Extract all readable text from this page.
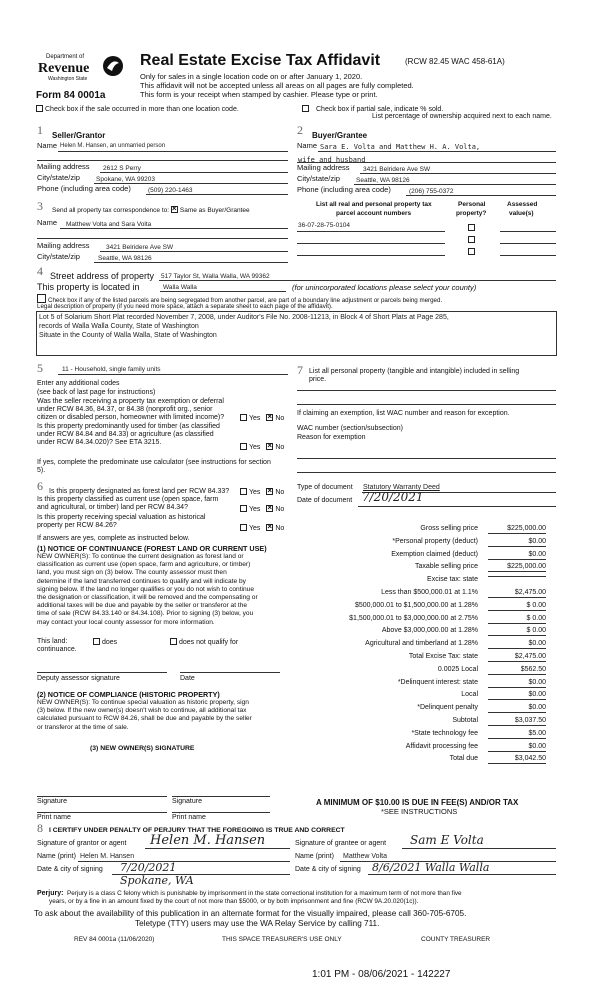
Department of
Revenue
Washington State
Form 84 0001a
Real Estate Excise Tax Affidavit	(RCW 82.45 WAC 458-61A)
Only for sales in a single location code on or after January 1, 2020.
This affidavit will not be accepted unless all areas on all pages are fully completed.
This form is your receipt when stamped by cashier. Please type or print.
Check box if the sale occurred in more than one location code.	Check box if partial sale, indicate % sold.
List percentage of ownership acquired next to each name.
1 Seller/Grantor
Name Helen M. Hansen, an unmarried person
Mailing address 2612 S Perry
City/state/zip Spokane, WA 99203
Phone (including area code)	(509) 220-1463
2 Buyer/Grantee
Name Sara E. Volta and Matthew H. A. Volta,
wife and husband
Mailing address 3421 Belridere Ave SW
City/state/zip Seattle, WA 98126
Phone (including area code)	(206) 755-0372
3 Send all property tax correspondence to: × Same as Buyer/Grantee
Name Matthew Volta and Sara Volta
Mailing address	3421 Belridere Ave SW
City/state/zip	Seattle, WA 98126
List all real and personal property tax
parcel account numbers
Personal
property?
Assessed
value(s)
36-07-28-75-0104
4 Street address of property 517 Taylor St, Walla Walla, WA 99362
This property is located in	Walla Walla	(for unincorporated locations please select your county)
Check box if any of the listed parcels are being segregated from another parcel, are part of a boundary line adjustment or parcels being merged.
Legal description of property (if you need more space, attach a separate sheet to each page of the affidavit).
Lot 5 of Solarium Short Plat recorded November 7, 2008, under Auditor's File No. 2008-11213, in Block 4 of Short Plats at Page 285,
records of Walla Walla County, State of Washington
Situate in the County of Walla Walla, State of Washington
5	11 - Household, single family units
Enter any additional codes
(see back of last page for instructions)
Was the seller receiving a property tax exemption or deferral
under RCW 84.36, 84.37, or 84.38 (nonprofit org., senior
citizen or disabled person, homeowner with limited income)?	Yes × No
Is this property predominantly used for timber (as classified
under RCW 84.84 and 84.33) or agriculture (as classified
under RCW 84.34.020)? See ETA 3215.
Yes × No
If yes, complete the predominate use calculator (see instructions for section
5).
7 List all personal property (tangible and intangible) included in selling
price.
If claiming an exemption, list WAC number and reason for exception.
WAC number (section/subsection)
Reason for exemption
6 Is this property designated as forest land per RCW 84.33?	Yes × No
Is this property classified as current use (open space, farm
and agricultural, or timber) land per RCW 84.34?	Yes × No
Is this property receiving special valuation as historical
property per RCW 84.26?	Yes × No
If answers are yes, complete as instructed below.
(1) NOTICE OF CONTINUANCE (FOREST LAND OR CURRENT USE)
NEW OWNER(S): To continue the current designation as forest land or
classification as current use (open space, farm and agriculture, or timber)
land, you must sign on (3) below. The county assessor must then
determine if the land transferred continues to qualify and will indicate by
signing below. If the land no longer qualifies or you do not wish to continue
the designation or classification, it will be removed and the compensating or
additional taxes will be due and payable by the seller or transferor at the
time of sale (RCW 84.33.140 or 84.34.108). Prior to signing (3) below, you
may contact your local county assessor for more information.
This land:
continuance.
does	does not qualify for
Deputy assessor signature	Date
(2) NOTICE OF COMPLIANCE (HISTORIC PROPERTY)
NEW OWNER(S): To continue special valuation as historic property, sign
(3) below. If the new owner(s) doesn't wish to continue, all additional tax
calculated pursuant to RCW 84.26, shall be due and payable by the seller
or transferor at the time of sale.
(3) NEW OWNER(S) SIGNATURE
Signature	Signature
Print name	Print name
Type of document Statutory Warranty Deed
Date of document 7/20/2021
Gross selling price	$225,000.00
*Personal property (deduct)	$0.00
Exemption claimed (deduct)	$0.00
Taxable selling price	$225,000.00
Excise tax: state
Less than $500,000.01 at 1.1%	$2,475.00
$500,000.01 to $1,500,000.00 at 1.28%	$ 0.00
$1,500,000.01 to $3,000,000.00 at 2.75%	$ 0.00
Above $3,000,000.00 at 1.28%	$ 0.00
Agricultural and timberland at 1.28%	$0.00
Total Excise Tax: state	$2,475.00
0.0025 Local	$562.50
*Delinquent interest: state	$0.00
Local	$0.00
*Delinquent penalty	$0.00
Subtotal	$3,037.50
*State technology fee	$5.00
Affidavit processing fee	$0.00
Total due	$3,042.50
A MINIMUM OF $10.00 IS DUE IN FEE(S) AND/OR TAX
*SEE INSTRUCTIONS
8 I CERTIFY UNDER PENALTY OF PERJURY THAT THE FOREGOING IS TRUE AND CORRECT
Signature of grantor or agent Helen M. Hansen
Name (print) Helen M. Hansen
Date & city of signing 7/20/2021
Spokane, WA
Signature of grantee or agent Sam E Volta
Name (print) Matthew Volta
Date & city of signing 8/6/2021 Walla Walla
Perjury: Perjury is a class C felony which is punishable by imprisonment in the state correctional institution for a maximum term of not more than five
years, or by a fine in an amount fixed by the court of not more than $5000, or by both imprisonment and fine (RCW 9A.20.020(1c)).
To ask about the availability of this publication in an alternate format for the visually impaired, please call 360-705-6705.
Teletype (TTY) users may use the WA Relay Service by calling 711.
REV 84 0001a (11/06/2020)	THIS SPACE TREASURER'S USE ONLY	COUNTY TREASURER
1:01 PM - 08/06/2021 - 142227
